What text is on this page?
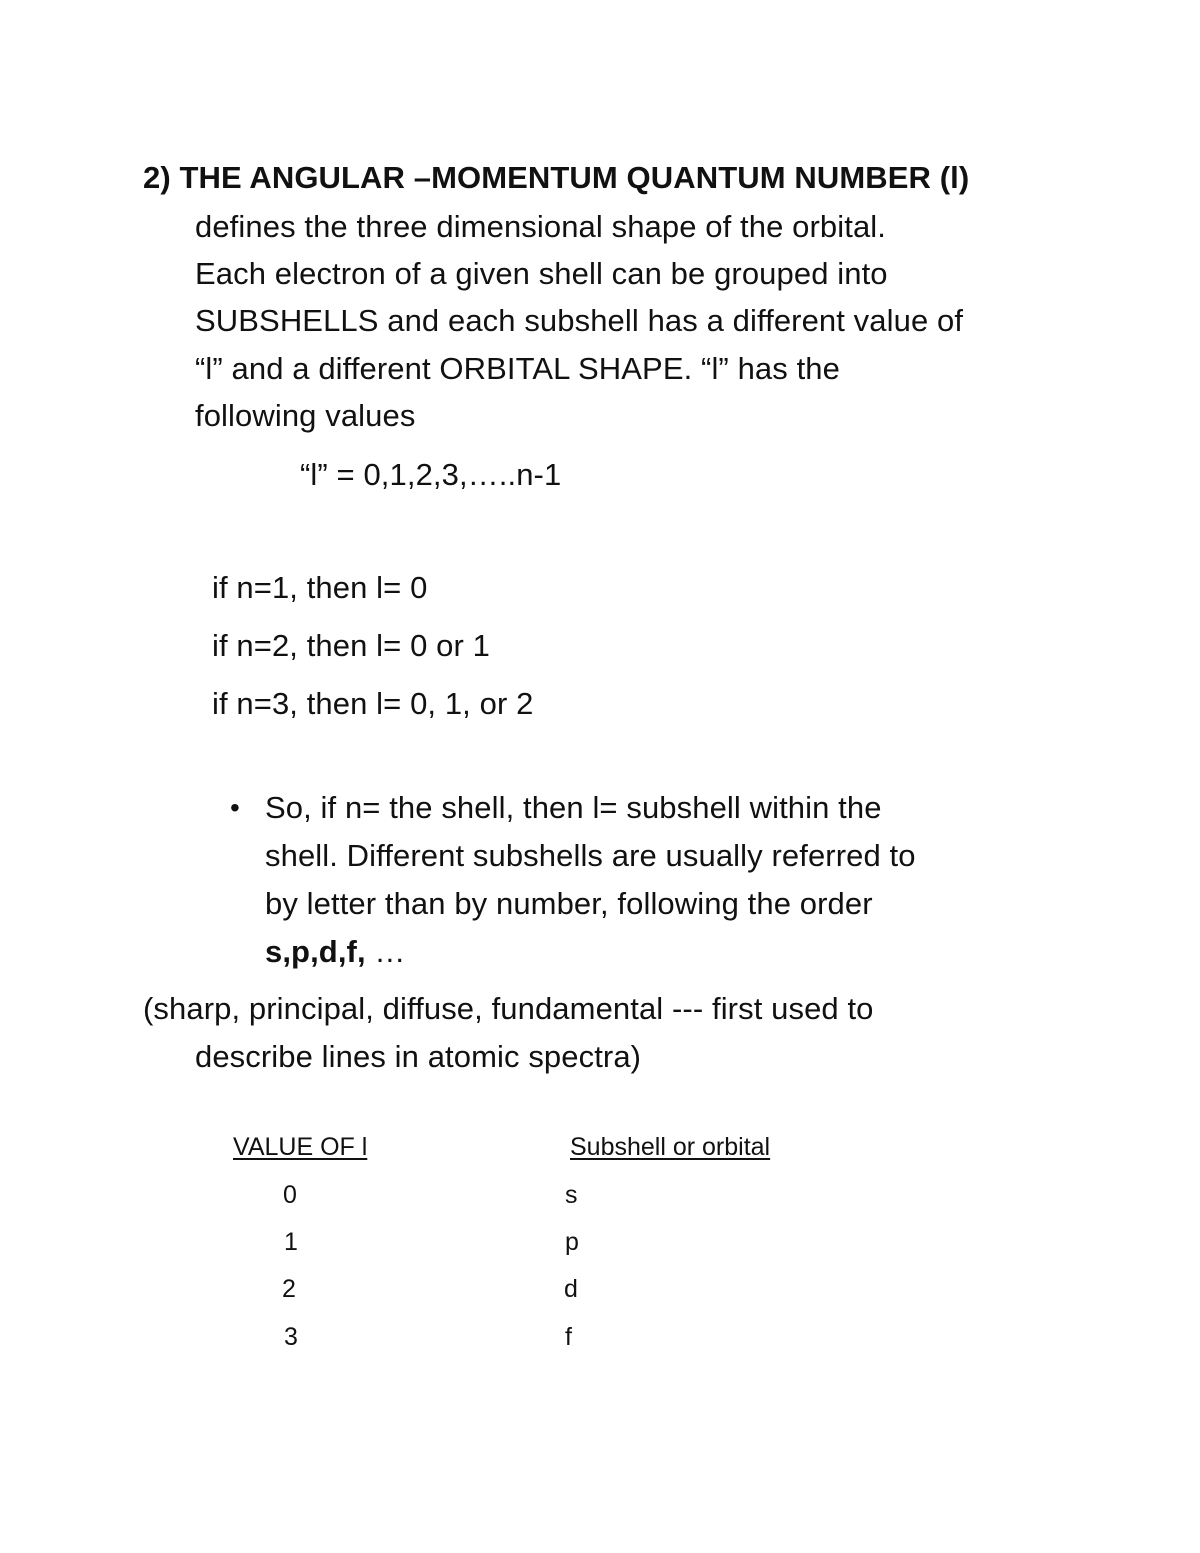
2) THE ANGULAR –MOMENTUM QUANTUM NUMBER (l)
defines the three dimensional shape of the orbital.
Each electron of a given shell can be grouped into
SUBSHELLS and each subshell has a different value of
“l” and a different ORBITAL SHAPE. “l” has the
following values
“l” = 0,1,2,3,…..n-1
if n=1, then l= 0
if n=2, then l= 0 or 1
if n=3, then l= 0, 1, or 2
• So, if n= the shell, then l= subshell within the
shell. Different subshells are usually referred to
by letter than by number, following the order
s,p,d,f, …
(sharp, principal, diffuse, fundamental --- first used to
describe lines in atomic spectra)
VALUE OF l	Subshell or orbital
0	s
1	p
2	d
3	f
